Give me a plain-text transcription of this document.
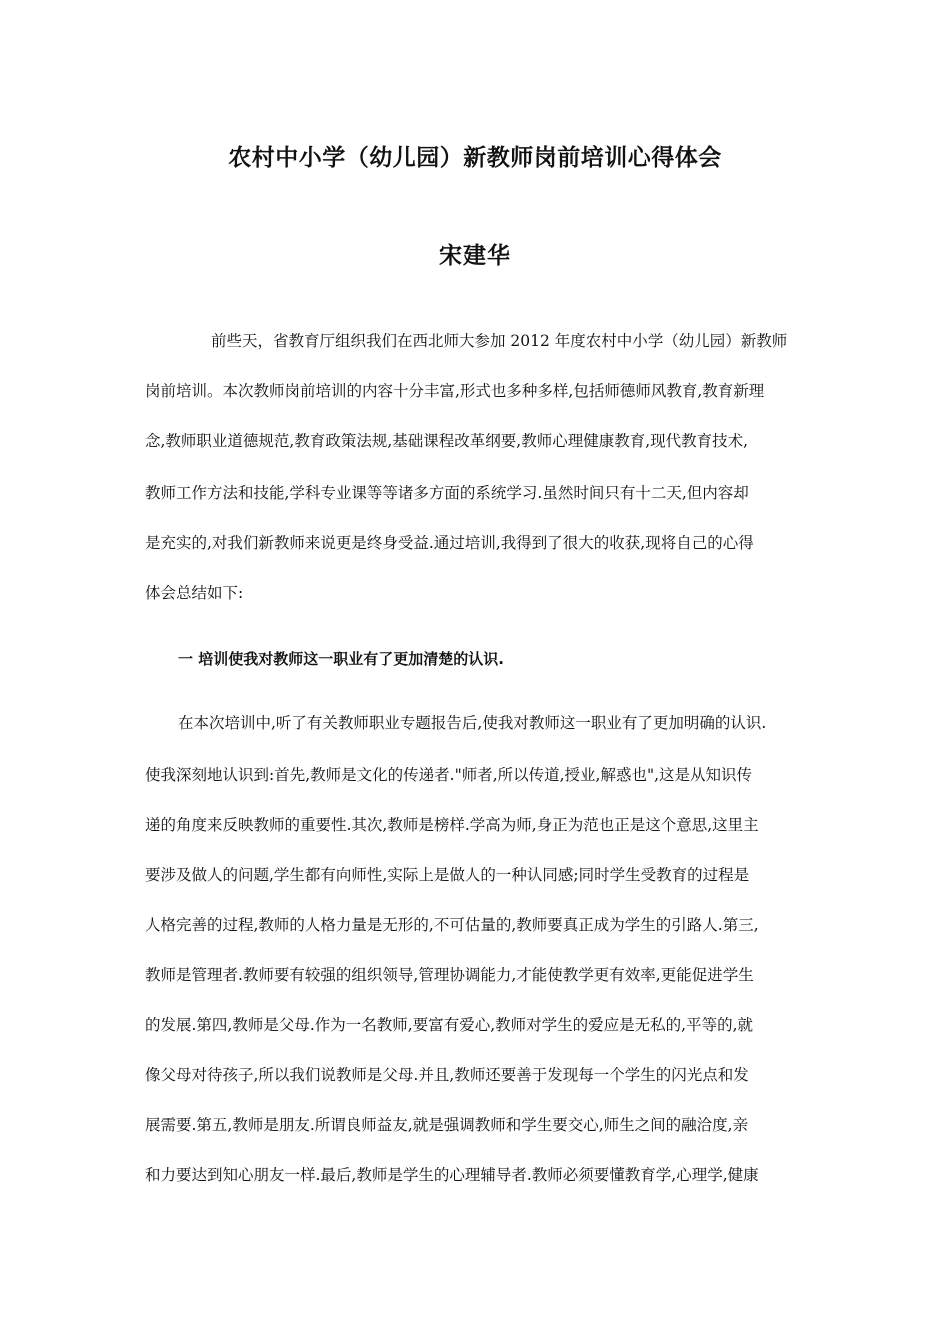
农村中小学（幼儿园）新教师岗前培训心得体会
宋建华
前些天，省教育厅组织我们在西北师大参加 2012 年度农村中小学（幼儿园）新教师
岗前培训。本次教师岗前培训的内容十分丰富,形式也多种多样,包括师德师风教育,教育新理
念,教师职业道德规范,教育政策法规,基础课程改革纲要,教师心理健康教育,现代教育技术,
教师工作方法和技能,学科专业课等等诸多方面的系统学习.虽然时间只有十二天,但内容却
是充实的,对我们新教师来说更是终身受益.通过培训,我得到了很大的收获,现将自己的心得
体会总结如下:
一 培训使我对教师这一职业有了更加清楚的认识.
在本次培训中,听了有关教师职业专题报告后,使我对教师这一职业有了更加明确的认识.
使我深刻地认识到:首先,教师是文化的传递者."师者,所以传道,授业,解惑也",这是从知识传
递的角度来反映教师的重要性.其次,教师是榜样.学高为师,身正为范也正是这个意思,这里主
要涉及做人的问题,学生都有向师性,实际上是做人的一种认同感;同时学生受教育的过程是
人格完善的过程,教师的人格力量是无形的,不可估量的,教师要真正成为学生的引路人.第三,
教师是管理者.教师要有较强的组织领导,管理协调能力,才能使教学更有效率,更能促进学生
的发展.第四,教师是父母.作为一名教师,要富有爱心,教师对学生的爱应是无私的,平等的,就
像父母对待孩子,所以我们说教师是父母.并且,教师还要善于发现每一个学生的闪光点和发
展需要.第五,教师是朋友.所谓良师益友,就是强调教师和学生要交心,师生之间的融洽度,亲
和力要达到知心朋友一样.最后,教师是学生的心理辅导者.教师必须要懂教育学,心理学,健康
